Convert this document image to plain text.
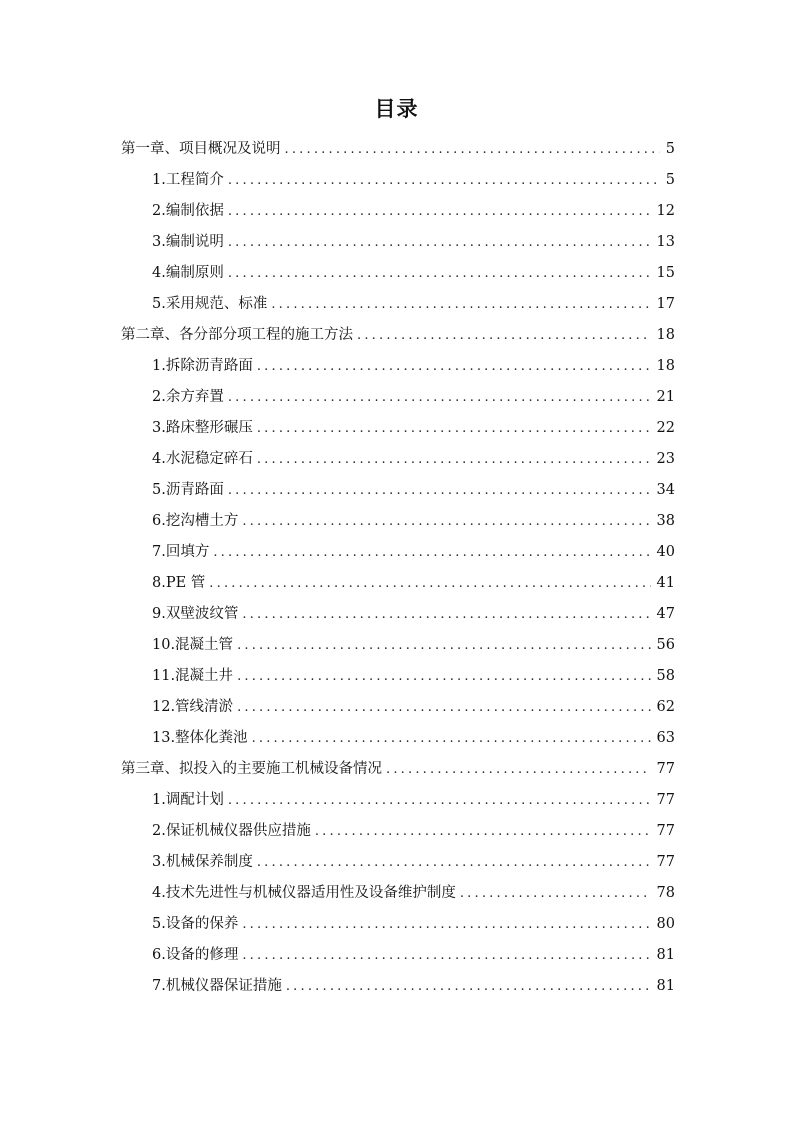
目录
第一章、项目概况及说明 .....	5
1.工程简介 .....	5
2.编制依据 .....	12
3.编制说明 .....	13
4.编制原则 .....	15
5.采用规范、标准 .....	17
第二章、各分部分项工程的施工方法 .....	18
1.拆除沥青路面 .....	18
2.余方弃置 .....	21
3.路床整形碾压 .....	22
4.水泥稳定碎石 .....	23
5.沥青路面 .....	34
6.挖沟槽土方 .....	38
7.回填方 .....	40
8.PE 管 .....	41
9.双壁波纹管 .....	47
10.混凝土管 .....	56
11.混凝土井 .....	58
12.管线清淤 .....	62
13.整体化粪池 .....	63
第三章、拟投入的主要施工机械设备情况 .....	77
1.调配计划 .....	77
2.保证机械仪器供应措施 .....	77
3.机械保养制度 .....	77
4.技术先进性与机械仪器适用性及设备维护制度 .....	78
5.设备的保养 .....	80
6.设备的修理 .....	81
7.机械仪器保证措施 .....	81
